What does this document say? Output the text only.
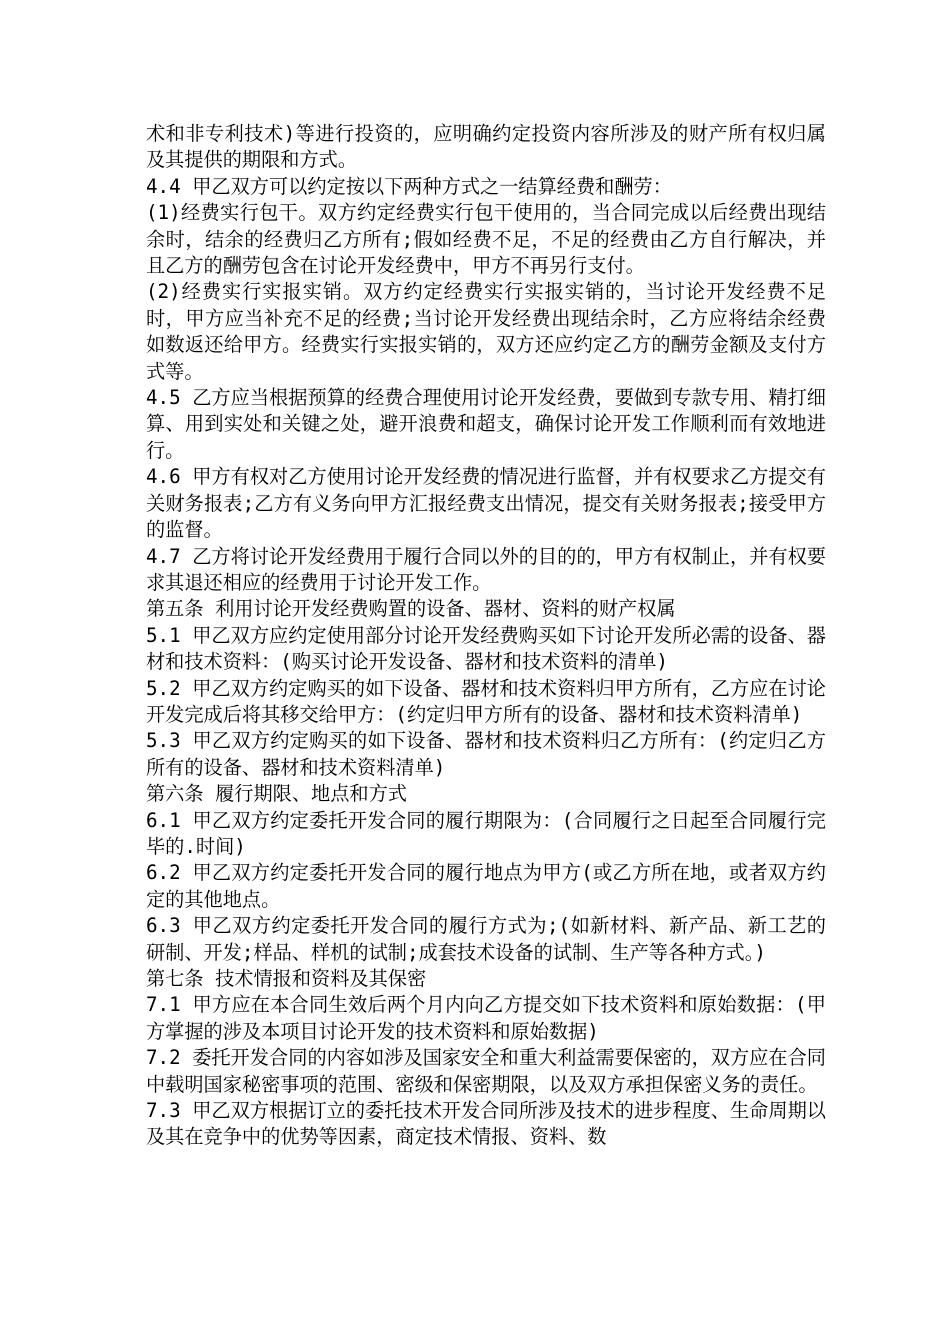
术和非专利技术)等进行投资的，应明确约定投资内容所涉及的财产所有权归属及其提供的期限和方式。

4.4 甲乙双方可以约定按以下两种方式之一结算经费和酬劳：

(1)经费实行包干。双方约定经费实行包干使用的，当合同完成以后经费出现结余时，结余的经费归乙方所有;假如经费不足，不足的经费由乙方自行解决，并且乙方的酬劳包含在讨论开发经费中，甲方不再另行支付。

(2)经费实行实报实销。双方约定经费实行实报实销的，当讨论开发经费不足时，甲方应当补充不足的经费;当讨论开发经费出现结余时，乙方应将结余经费如数返还给甲方。经费实行实报实销的，双方还应约定乙方的酬劳金额及支付方式等。

4.5 乙方应当根据预算的经费合理使用讨论开发经费，要做到专款专用、精打细算、用到实处和关键之处，避开浪费和超支，确保讨论开发工作顺利而有效地进行。

4.6 甲方有权对乙方使用讨论开发经费的情况进行监督，并有权要求乙方提交有关财务报表;乙方有义务向甲方汇报经费支出情况，提交有关财务报表;接受甲方的监督。

4.7 乙方将讨论开发经费用于履行合同以外的目的的，甲方有权制止，并有权要求其退还相应的经费用于讨论开发工作。

第五条 利用讨论开发经费购置的设备、器材、资料的财产权属

5.1 甲乙双方应约定使用部分讨论开发经费购买如下讨论开发所必需的设备、器材和技术资料：(购买讨论开发设备、器材和技术资料的清单)

5.2 甲乙双方约定购买的如下设备、器材和技术资料归甲方所有，乙方应在讨论开发完成后将其移交给甲方：(约定归甲方所有的设备、器材和技术资料清单)

5.3 甲乙双方约定购买的如下设备、器材和技术资料归乙方所有：(约定归乙方所有的设备、器材和技术资料清单)

第六条 履行期限、地点和方式

6.1 甲乙双方约定委托开发合同的履行期限为：(合同履行之日起至合同履行完毕的.时间)

6.2 甲乙双方约定委托开发合同的履行地点为甲方(或乙方所在地，或者双方约定的其他地点。

6.3 甲乙双方约定委托开发合同的履行方式为;(如新材料、新产品、新工艺的研制、开发;样品、样机的试制;成套技术设备的试制、生产等各种方式。)

第七条 技术情报和资料及其保密

7.1 甲方应在本合同生效后两个月内向乙方提交如下技术资料和原始数据：(甲方掌握的涉及本项目讨论开发的技术资料和原始数据)

7.2 委托开发合同的内容如涉及国家安全和重大利益需要保密的，双方应在合同中载明国家秘密事项的范围、密级和保密期限，以及双方承担保密义务的责任。

7.3 甲乙双方根据订立的委托技术开发合同所涉及技术的进步程度、生命周期以及其在竞争中的优势等因素，商定技术情报、资料、数
